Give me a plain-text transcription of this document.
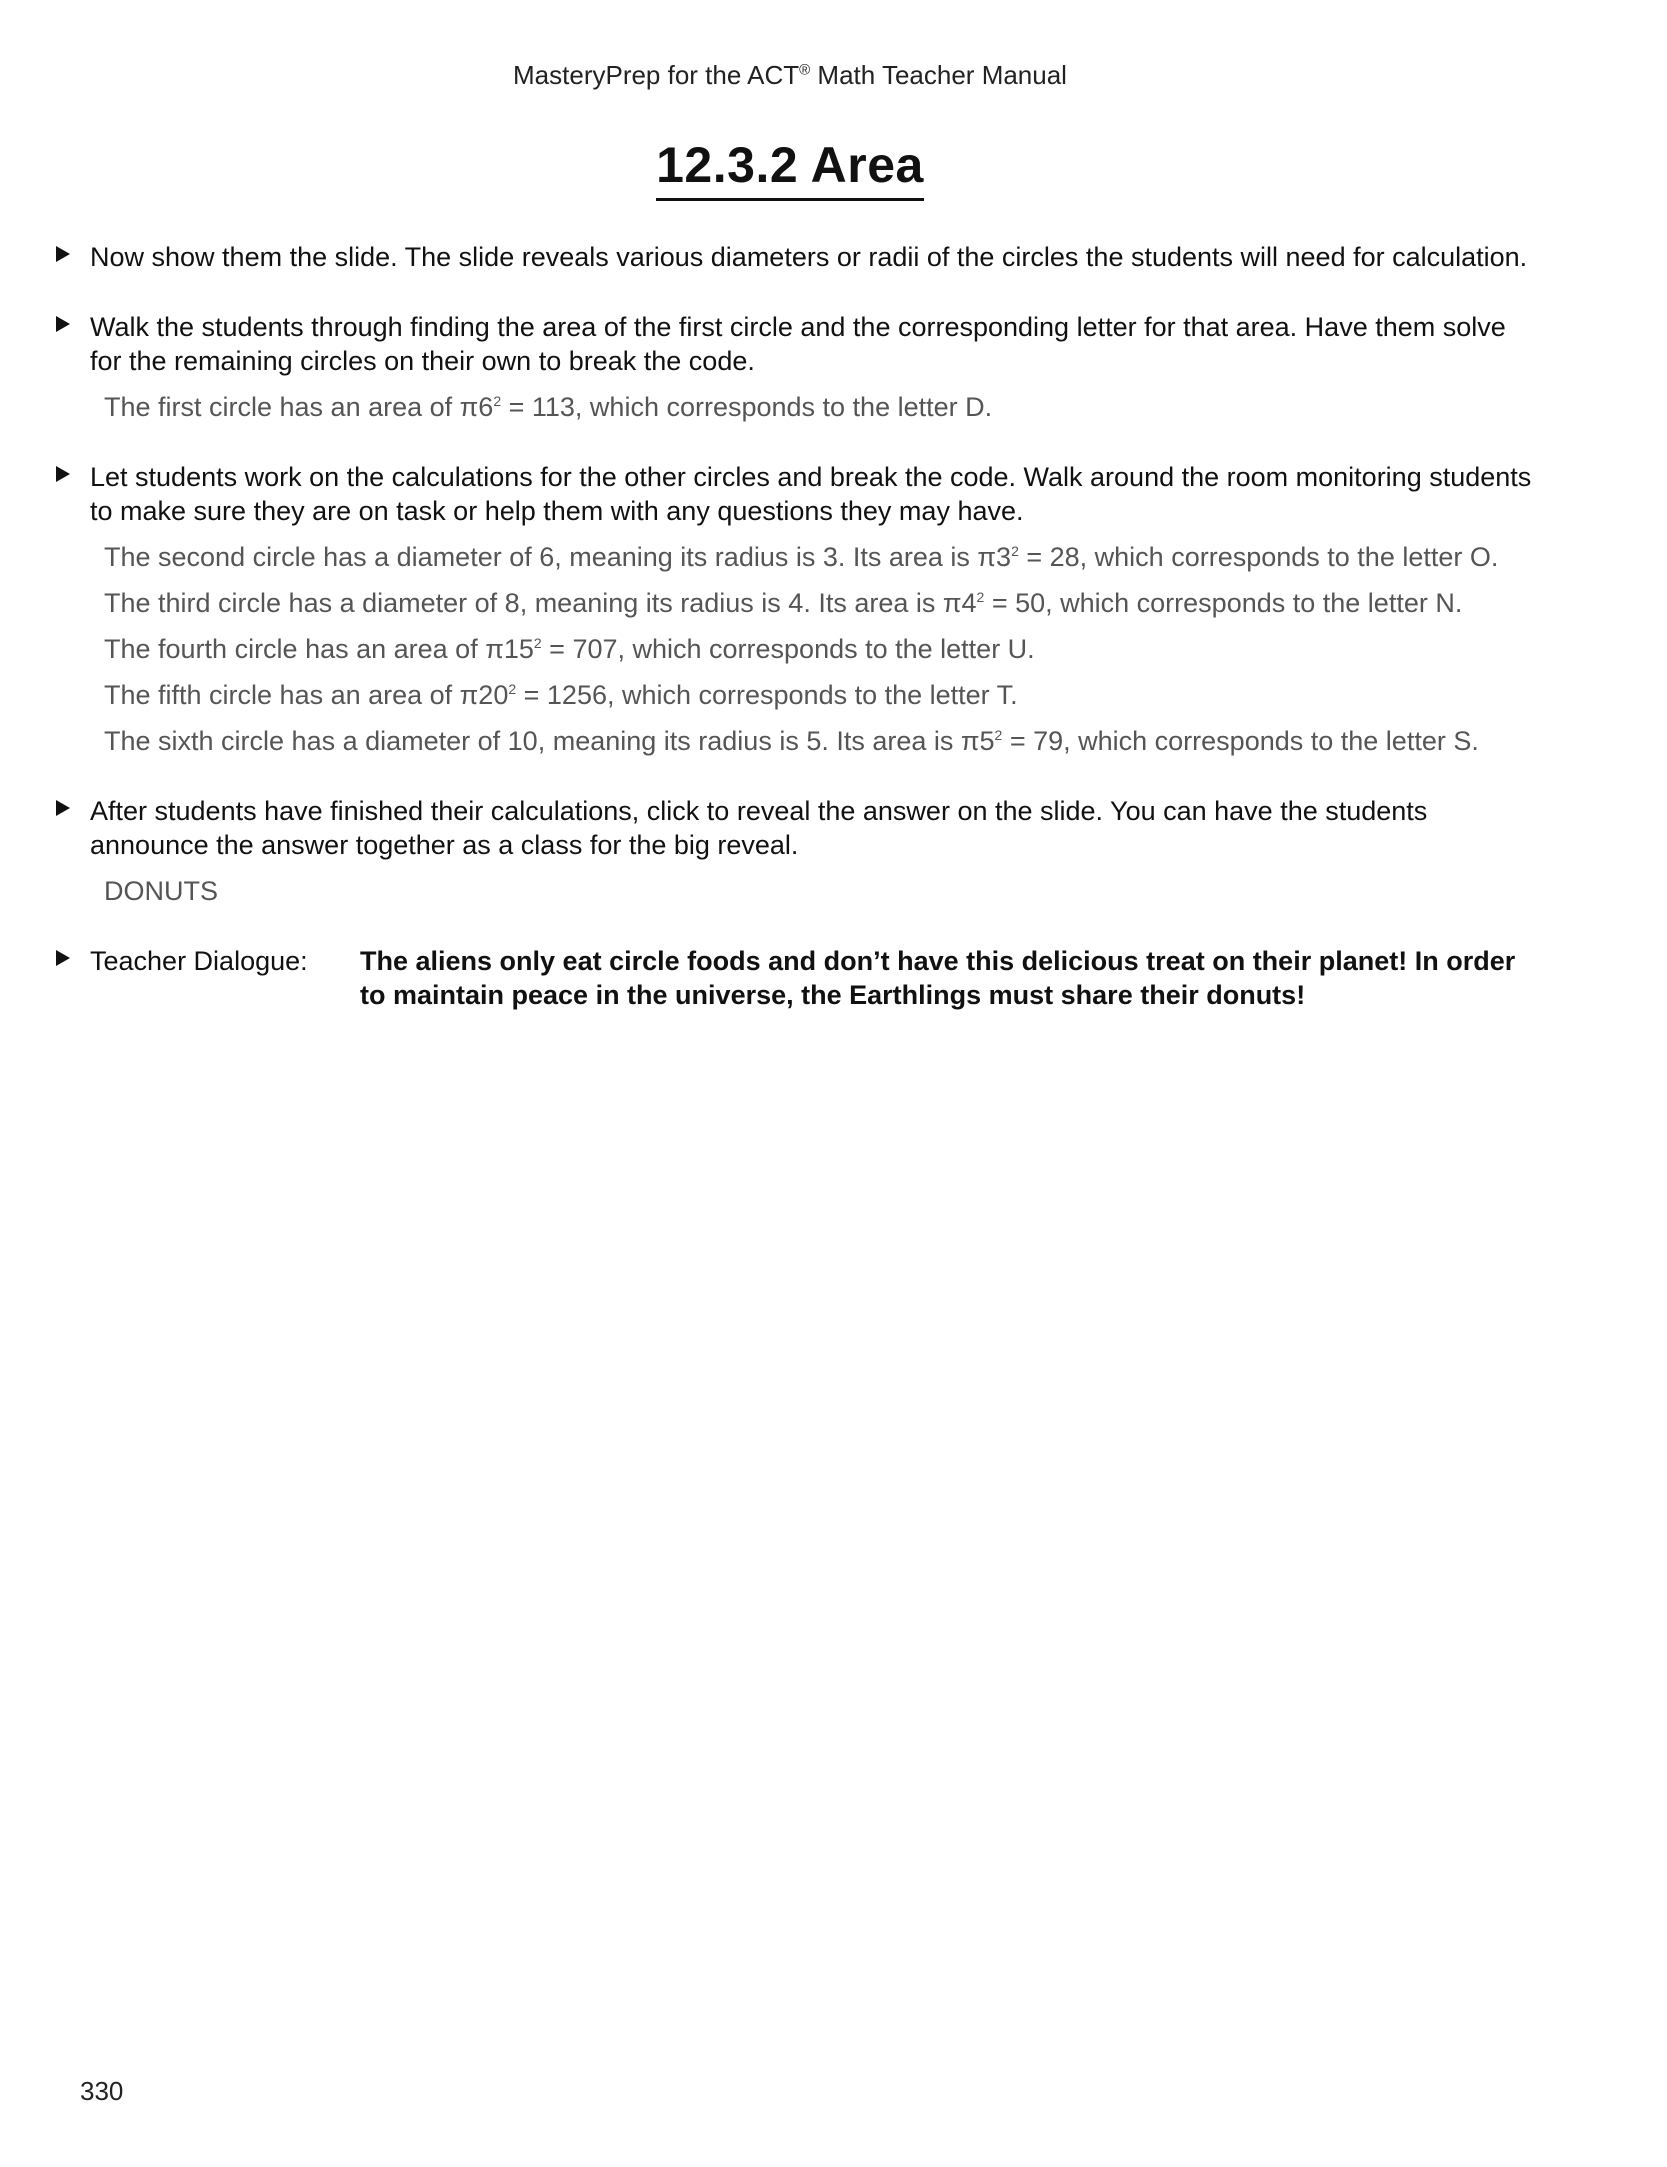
MasteryPrep for the ACT® Math Teacher Manual
12.3.2 Area
Now show them the slide. The slide reveals various diameters or radii of the circles the students will need for calculation.
Walk the students through finding the area of the first circle and the corresponding letter for that area. Have them solve for the remaining circles on their own to break the code.
The first circle has an area of $\pi 6^2 = 113$, which corresponds to the letter D.
Let students work on the calculations for the other circles and break the code. Walk around the room monitoring students to make sure they are on task or help them with any questions they may have.
The second circle has a diameter of 6, meaning its radius is 3. Its area is $\pi 3^2 = 28$, which corresponds to the letter O.
The third circle has a diameter of 8, meaning its radius is 4. Its area is $\pi 4^2 = 50$, which corresponds to the letter N.
The fourth circle has an area of $\pi 15^2 = 707$, which corresponds to the letter U.
The fifth circle has an area of $\pi 20^2 = 1256$, which corresponds to the letter T.
The sixth circle has a diameter of 10, meaning its radius is 5. Its area is $\pi 5^2 = 79$, which corresponds to the letter S.
After students have finished their calculations, click to reveal the answer on the slide. You can have the students announce the answer together as a class for the big reveal.
DONUTS
Teacher Dialogue:	The aliens only eat circle foods and don’t have this delicious treat on their planet! In order to maintain peace in the universe, the Earthlings must share their donuts!
330
